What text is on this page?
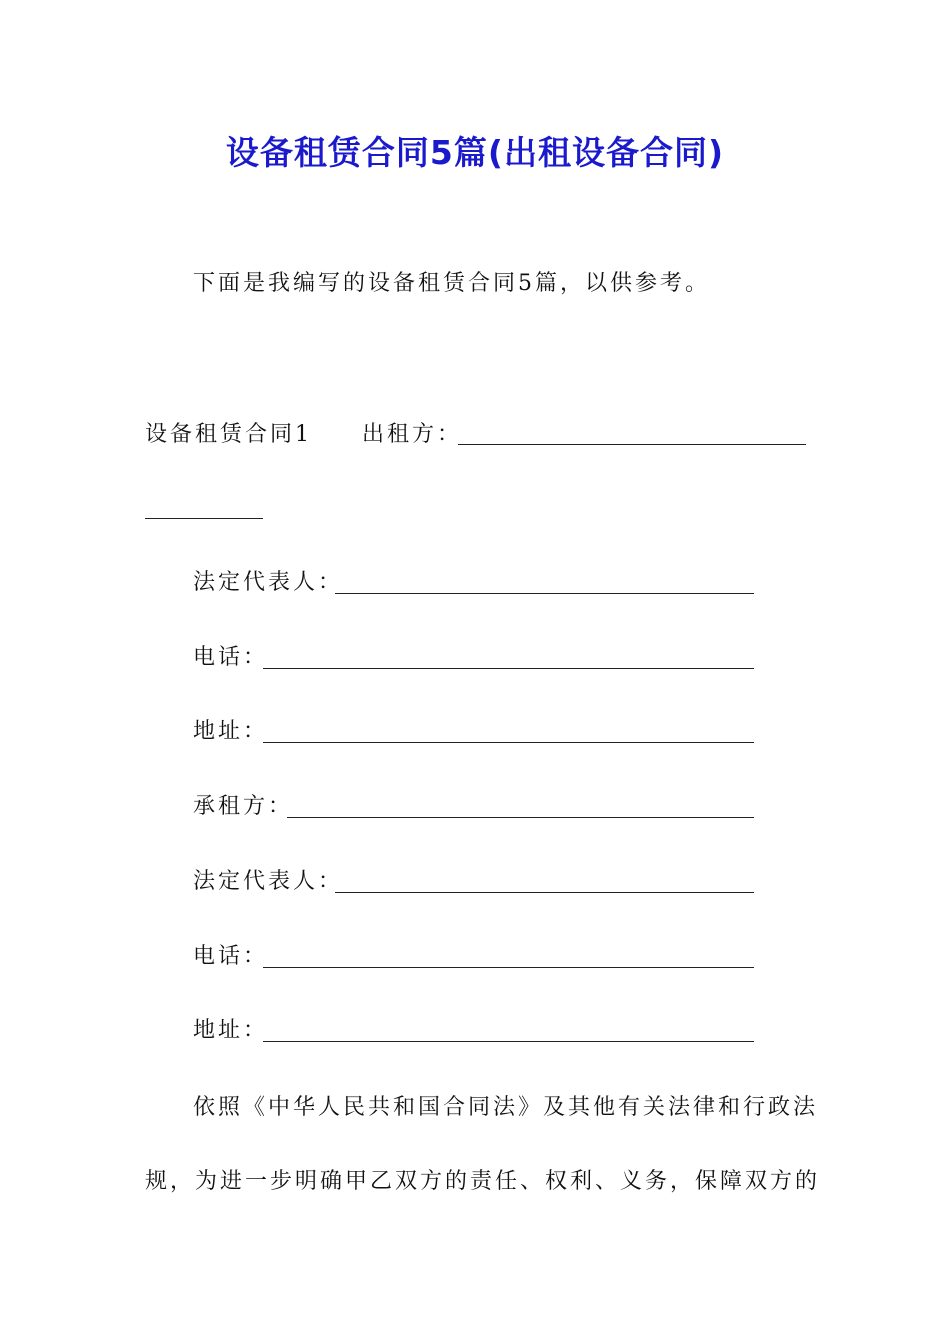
设备租赁合同5篇(出租设备合同)
下面是我编写的设备租赁合同5篇，以供参考。
设备租赁合同1 出租方：
法定代表人：
电话：
地址：
承租方：
法定代表人：
电话：
地址：
依照《中华人民共和国合同法》及其他有关法律和行政法
规，为进一步明确甲乙双方的责任、权利、义务，保障双方的
